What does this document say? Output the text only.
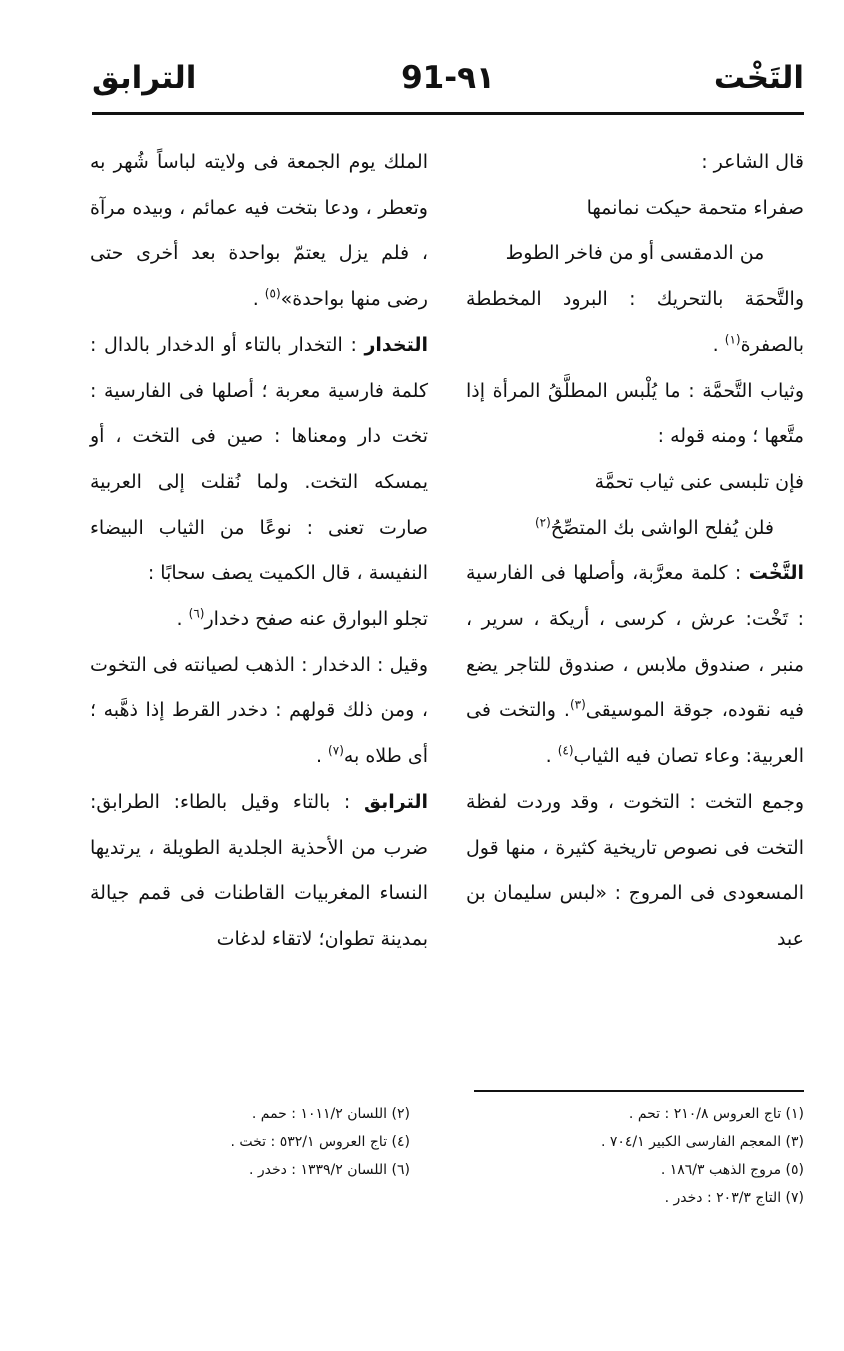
التَخْت
91-٩١
الترابق

قال الشاعر :

صفراء متحمة حيكت نمانمها

من الدمقسى أو من فاخر الطوط

والتَّحمَة بالتحريك : البرود المخططة بالصفرة$^{(١)}$ .

وثياب التَّحمَّة : ما يُلْبس المطلَّقُ المرأة إذا متَّعها ؛ ومنه قوله :

فإن تلبسى عنى ثياب تحمَّة

فلن يُفلح الواشى بك المتصِّحُ$^{(٢)}$

التَّخْت : كلمة معرَّبة، وأصلها فى الفارسية : تَخْت: عرش ، كرسى ، أريكة ، سرير ، منبر ، صندوق ملابس ، صندوق للتاجر يضع فيه نقوده، جوقة الموسيقى$^{(٣)}$. والتخت فى العربية: وعاء تصان فيه الثياب$^{(٤)}$ .

وجمع التخت : التخوت ، وقد وردت لفظة التخت فى نصوص تاريخية كثيرة ، منها قول المسعودى فى المروج : «لبس سليمان بن عبد

الملك يوم الجمعة فى ولايته لباساً شُهر به وتعطر ، ودعا بتخت فيه عمائم ، وبيده مرآة ، فلم يزل يعتمّ بواحدة بعد أخرى حتى رضى منها بواحدة»$^{(٥)}$ .

التخدار : التخدار بالتاء أو الدخدار بالدال : كلمة فارسية معربة ؛ أصلها فى الفارسية : تخت دار ومعناها : صين فى التخت ، أو يمسكه التخت. ولما نُقلت إلى العربية صارت تعنى : نوعًا من الثياب البيضاء النفيسة ، قال الكميت يصف سحابًا :

تجلو البوارق عنه صفح دخدار$^{(٦)}$ .

وقيل : الدخدار : الذهب لصيانته فى التخوت ، ومن ذلك قولهم : دخدر القرط إذا ذهَّبه ؛ أى طلاه به$^{(٧)}$ .

الترابق : بالتاء وقيل بالطاء: الطرابق: ضرب من الأحذية الجلدية الطويلة ، يرتديها النساء المغربيات القاطنات فى قمم جيالة بمدينة تطوان؛ لاتقاء لدغات

(١) تاج العروس ٢١٠/٨ : تحم .
(٣) المعجم الفارسى الكبير ٧٠٤/١ .
(٥) مروج الذهب ١٨٦/٣ .
(٧) التاج ٢٠٣/٣ : دخدر .
(٢) اللسان ١٠١١/٢ : حمم .
(٤) تاج العروس ٥٣٢/١ : تخت .
(٦) اللسان ١٣٣٩/٢ : دخدر .
